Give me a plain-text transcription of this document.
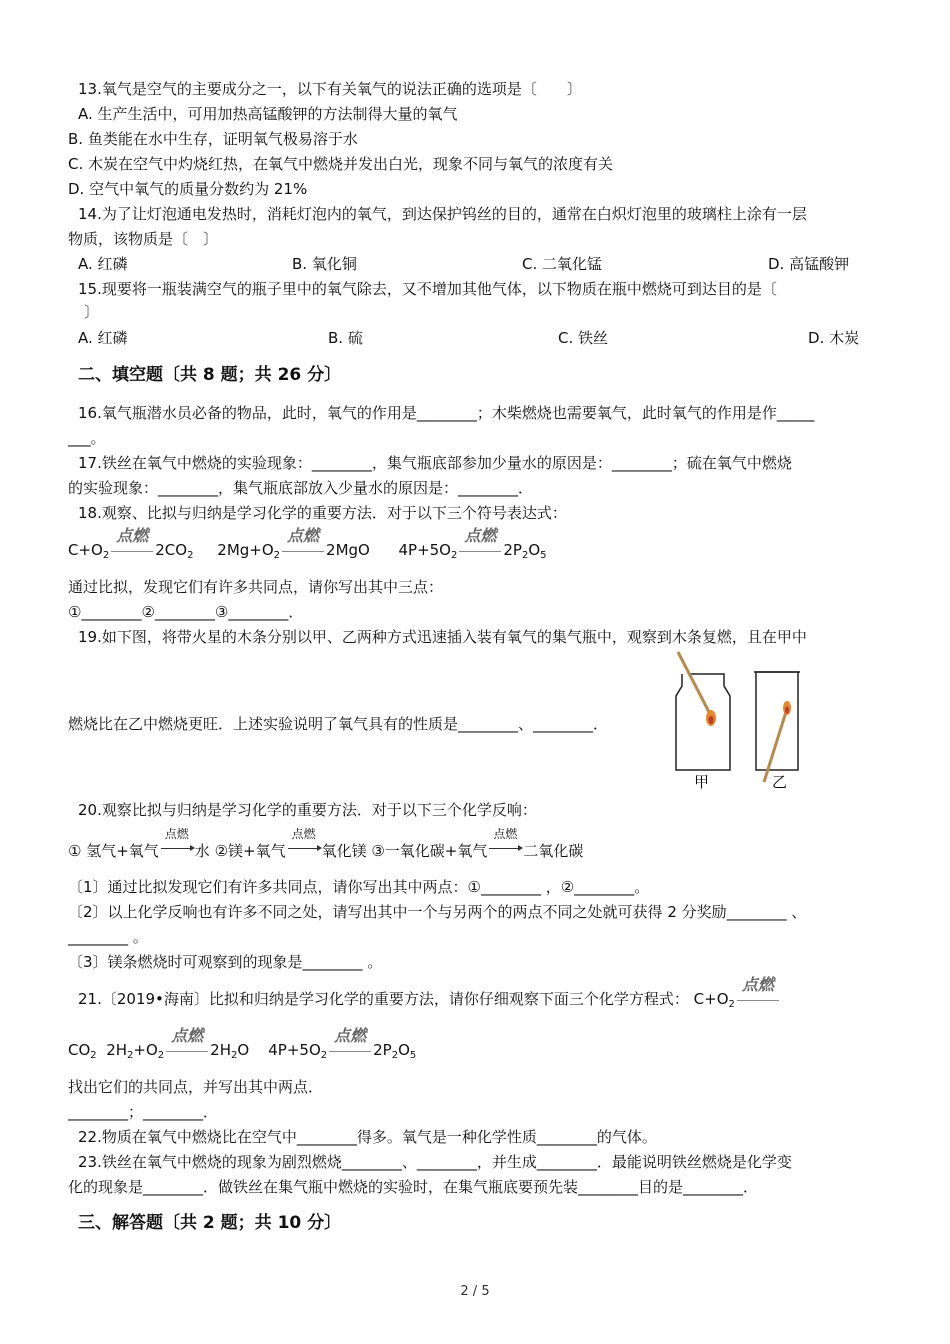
13.氧气是空气的主要成分之一，以下有关氧气的说法正确的选项是〔　　〕
A. 生产生活中，可用加热高锰酸钾的方法制得大量的氧气
B. 鱼类能在水中生存，证明氧气极易溶于水
C. 木炭在空气中灼烧红热，在氧气中燃烧并发出白光，现象不同与氧气的浓度有关
D. 空气中氧气的质量分数约为 21%
14.为了让灯泡通电发热时，消耗灯泡内的氧气，到达保护钨丝的目的，通常在白炽灯泡里的玻璃柱上涂有一层
物质，该物质是〔　〕
A. 红磷	B. 氧化铜	C. 二氧化锰	D. 高锰酸钾
15.现要将一瓶装满空气的瓶子里中的氧气除去，又不增加其他气体，以下物质在瓶中燃烧可到达目的是〔
〕
A. 红磷	B. 硫	C. 铁丝	D. 木炭
二、填空题〔共 8 题；共 26 分〕
16.氧气瓶潜水员必备的物品，此时，氧气的作用是________；木柴燃烧也需要氧气，此时氧气的作用是作_____
___。
17.铁丝在氧气中燃烧的实验现象：________，集气瓶底部参加少量水的原因是：________；硫在氧气中燃烧
的实验现象：________，集气瓶底部放入少量水的原因是：________．
18.观察、比拟与归纳是学习化学的重要方法．对于以下三个符号表达式：
$C+O_2$
点燃
$2CO_2$ $2Mg+O_2$
点燃
2MgO $4P+5O_2$
点燃
$2P_2O_5$
通过比拟，发现它们有许多共同点，请你写出其中三点：
①________②________③________．
19.如下图，将带火星的木条分别以甲、乙两种方式迅速插入装有氧气的集气瓶中，观察到木条复燃，且在甲中
燃烧比在乙中燃烧更旺．上述实验说明了氧气具有的性质是________、________．
甲	乙
20.观察比拟与归纳是学习化学的重要方法．对于以下三个化学反响：
① 氢气+氧气
点燃
水 ②镁+氧气
点燃
氧化镁 ③一氧化碳+氧气
点燃
二氧化碳
〔1〕通过比拟发现它们有许多共同点，请你写出其中两点：①________ ，②________。
〔2〕以上化学反响也有许多不同之处，请写出其中一个与另两个的两点不同之处就可获得 2 分奖励________ 、
________ 。
〔3〕镁条燃烧时可观察到的现象是________ 。
21.〔2019•海南〕比拟和归纳是学习化学的重要方法，请你仔细观察下面三个化学方程式： $C+O_2$
点燃
$CO_2$ $2H_2+O_2$
点燃
$2H_2O$ $4P+5O_2$
点燃
$2P_2O_5$
找出它们的共同点，并写出其中两点．
________；________．
22.物质在氧气中燃烧比在空气中________得多。氧气是一种化学性质________的气体。
23.铁丝在氧气中燃烧的现象为剧烈燃烧________、________，并生成________．最能说明铁丝燃烧是化学变
化的现象是________．做铁丝在集气瓶中燃烧的实验时，在集气瓶底要预先装________目的是________．
三、解答题〔共 2 题；共 10 分〕
2 / 5
